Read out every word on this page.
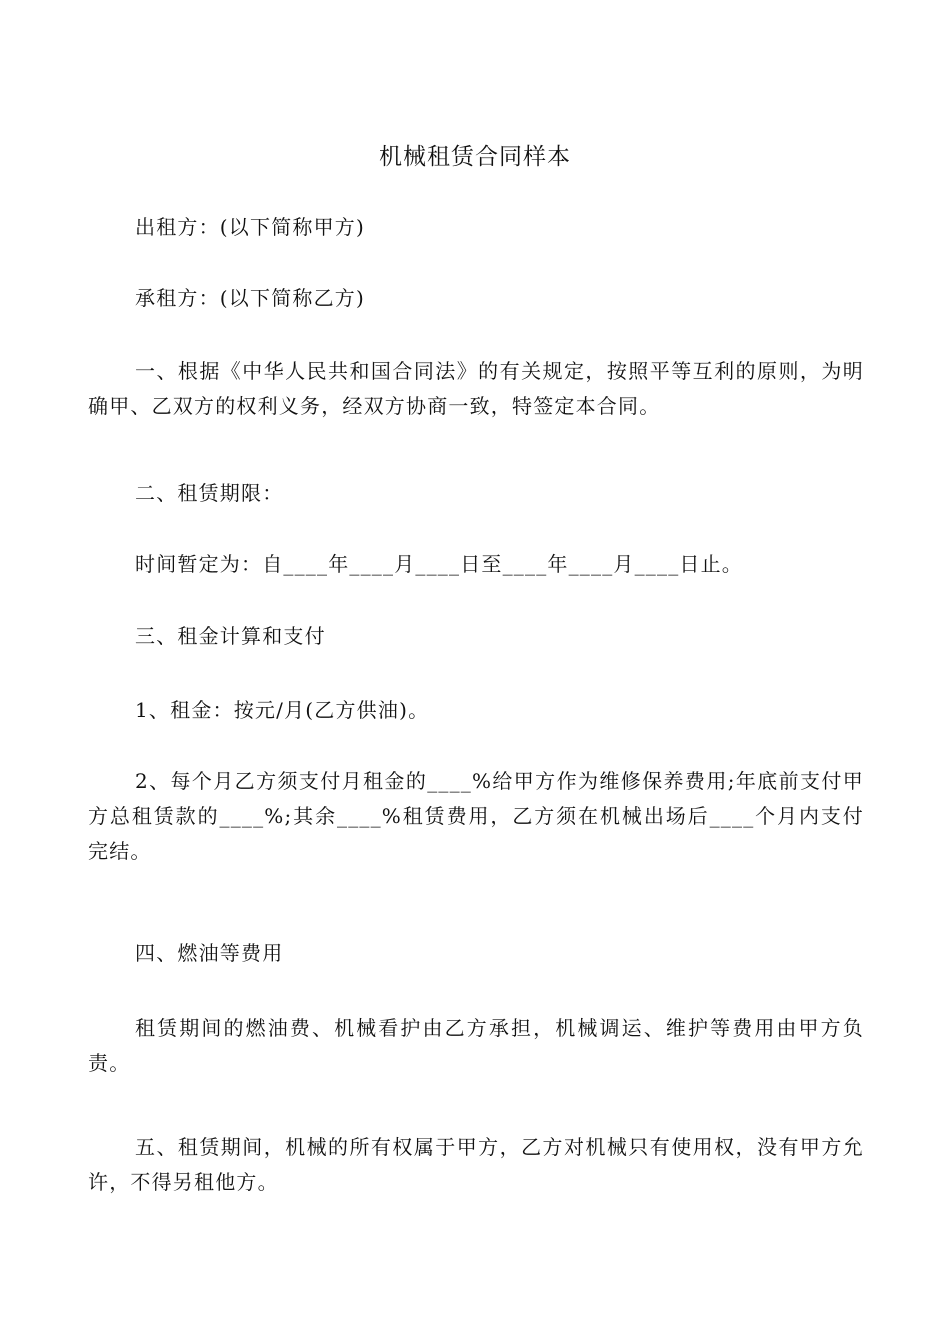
机械租赁合同样本

出租方：(以下简称甲方)

承租方：(以下简称乙方)

一、根据《中华人民共和国合同法》的有关规定，按照平等互利的原则，为明确甲、乙双方的权利义务，经双方协商一致，特签定本合同。

二、租赁期限：

时间暂定为：自____年____月____日至____年____月____日止。

三、租金计算和支付

1、租金：按元/月(乙方供油)。

2、每个月乙方须支付月租金的____%给甲方作为维修保养费用;年底前支付甲方总租赁款的____%;其余____%租赁费用，乙方须在机械出场后____个月内支付完结。

四、燃油等费用

租赁期间的燃油费、机械看护由乙方承担，机械调运、维护等费用由甲方负责。

五、租赁期间，机械的所有权属于甲方，乙方对机械只有使用权，没有甲方允许，不得另租他方。
